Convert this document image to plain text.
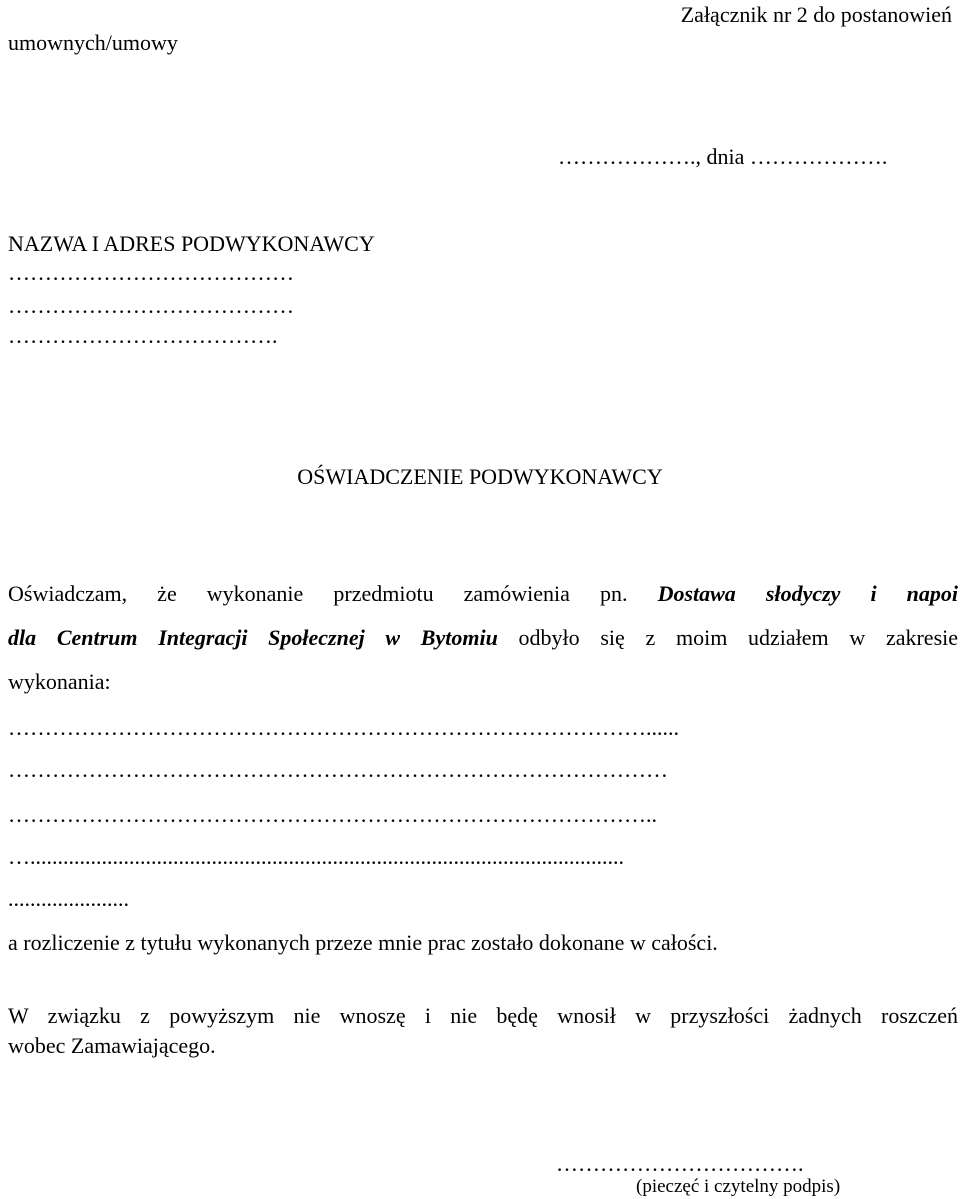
Załącznik nr 2 do postanowień
umownych/umowy
………………., dnia ……………….
NAZWA I ADRES PODWYKONAWCY
…………………………………
…………………………………
……………………………….
OŚWIADCZENIE PODWYKONAWCY
Oświadczam, że wykonanie przedmiotu zamówienia pn. Dostawa słodyczy i napoi
dla Centrum Integracji Społecznej w Bytomiu odbyło się z moim udziałem w zakresie
wykonania:
……………………………………………………………………………......
………………………………………………………………………………
……………………………………………………………………………..
…............................................................................................................
......................
a rozliczenie z tytułu wykonanych przeze mnie prac zostało dokonane w całości.
W związku z powyższym nie wnoszę i nie będę wnosił w przyszłości żadnych roszczeń
wobec Zamawiającego.
…………………………….
(pieczęć i czytelny podpis)
